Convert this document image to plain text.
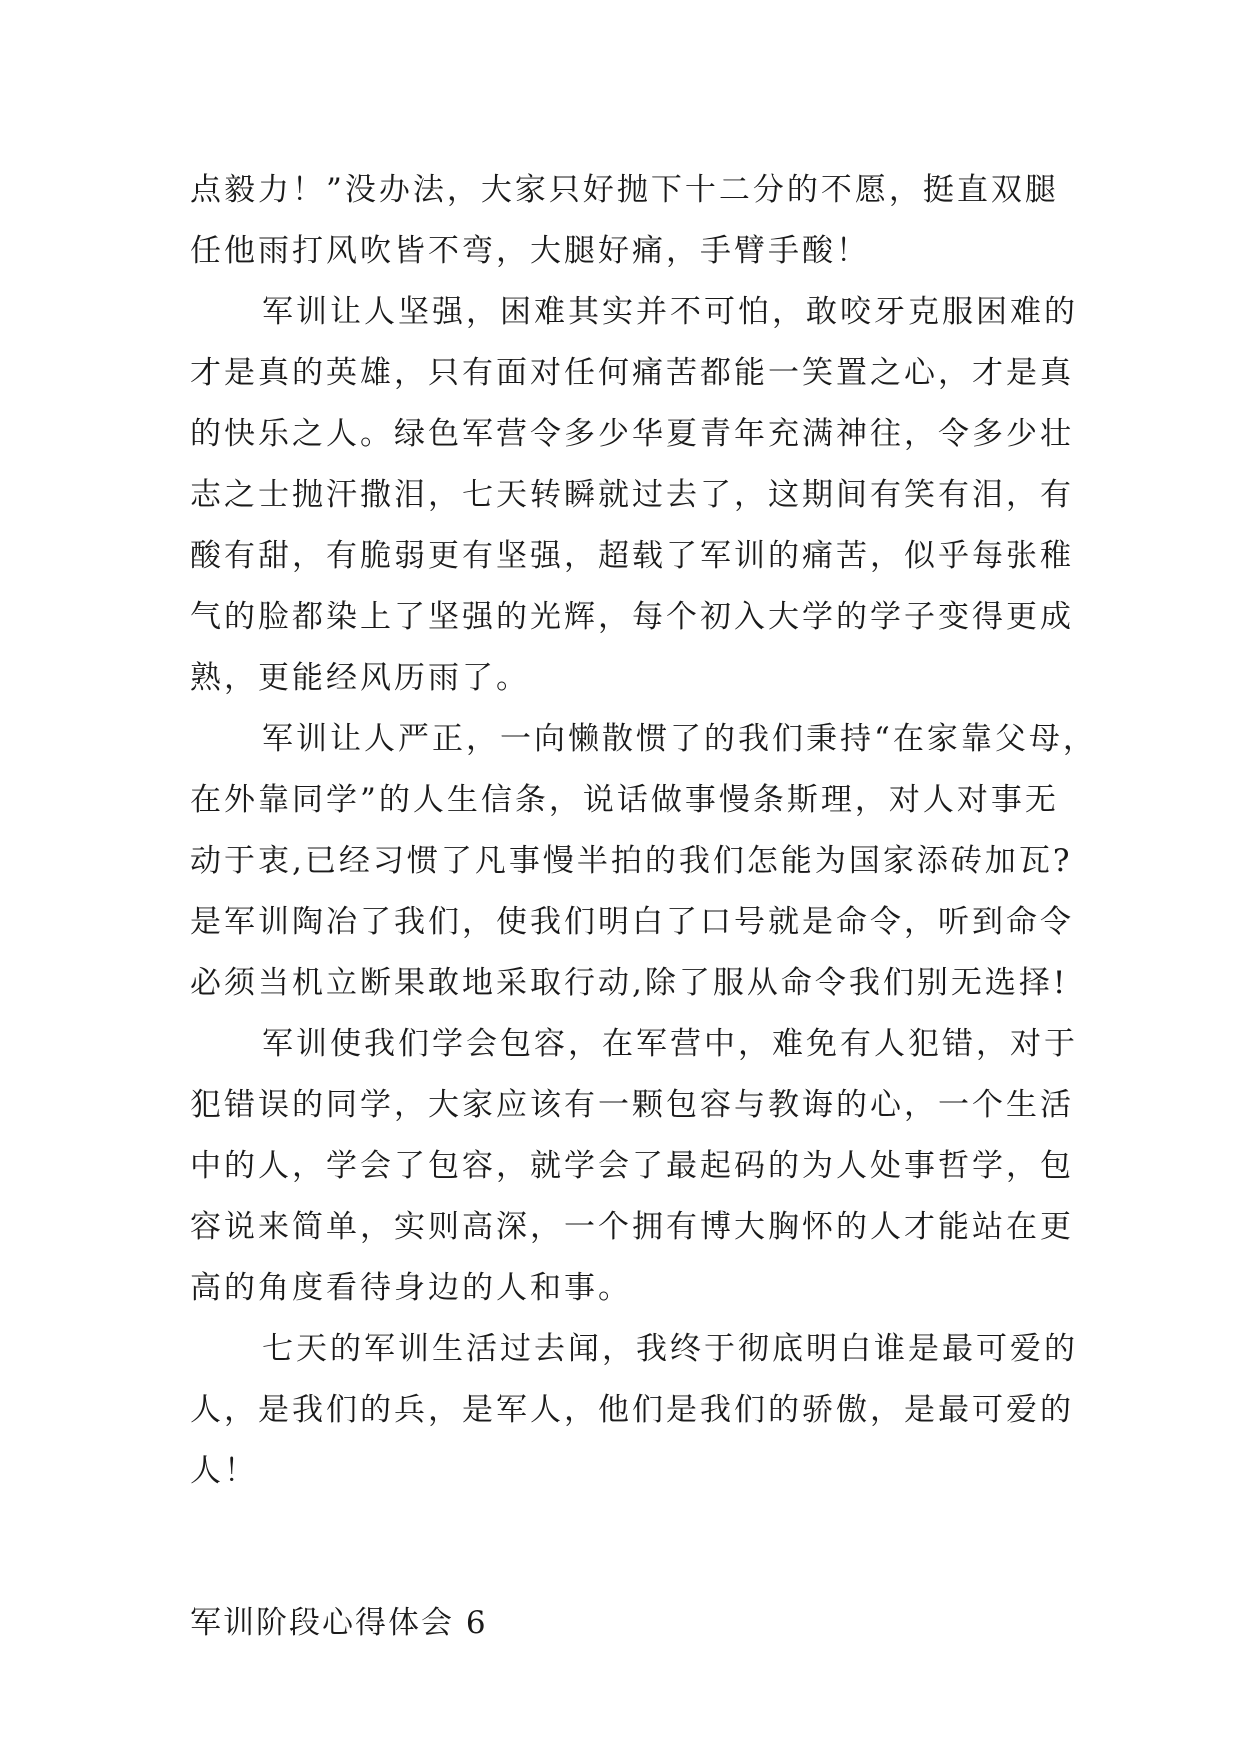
点毅力！”没办法，大家只好抛下十二分的不愿，挺直双腿
任他雨打风吹皆不弯，大腿好痛，手臂手酸！
军训让人坚强，困难其实并不可怕，敢咬牙克服困难的
才是真的英雄，只有面对任何痛苦都能一笑置之心，才是真
的快乐之人。绿色军营令多少华夏青年充满神往，令多少壮
志之士抛汗撒泪，七天转瞬就过去了，这期间有笑有泪，有
酸有甜，有脆弱更有坚强，超载了军训的痛苦，似乎每张稚
气的脸都染上了坚强的光辉，每个初入大学的学子变得更成
熟，更能经风历雨了。
军训让人严正，一向懒散惯了的我们秉持“在家靠父母，
在外靠同学”的人生信条，说话做事慢条斯理，对人对事无
动于衷,已经习惯了凡事慢半拍的我们怎能为国家添砖加瓦?
是军训陶冶了我们，使我们明白了口号就是命令，听到命令
必须当机立断果敢地采取行动,除了服从命令我们别无选择!
军训使我们学会包容，在军营中，难免有人犯错，对于
犯错误的同学，大家应该有一颗包容与教诲的心，一个生活
中的人，学会了包容，就学会了最起码的为人处事哲学，包
容说来简单，实则高深，一个拥有博大胸怀的人才能站在更
高的角度看待身边的人和事。
七天的军训生活过去闻，我终于彻底明白谁是最可爱的
人，是我们的兵，是军人，他们是我们的骄傲，是最可爱的
人！
军训阶段心得体会 6
